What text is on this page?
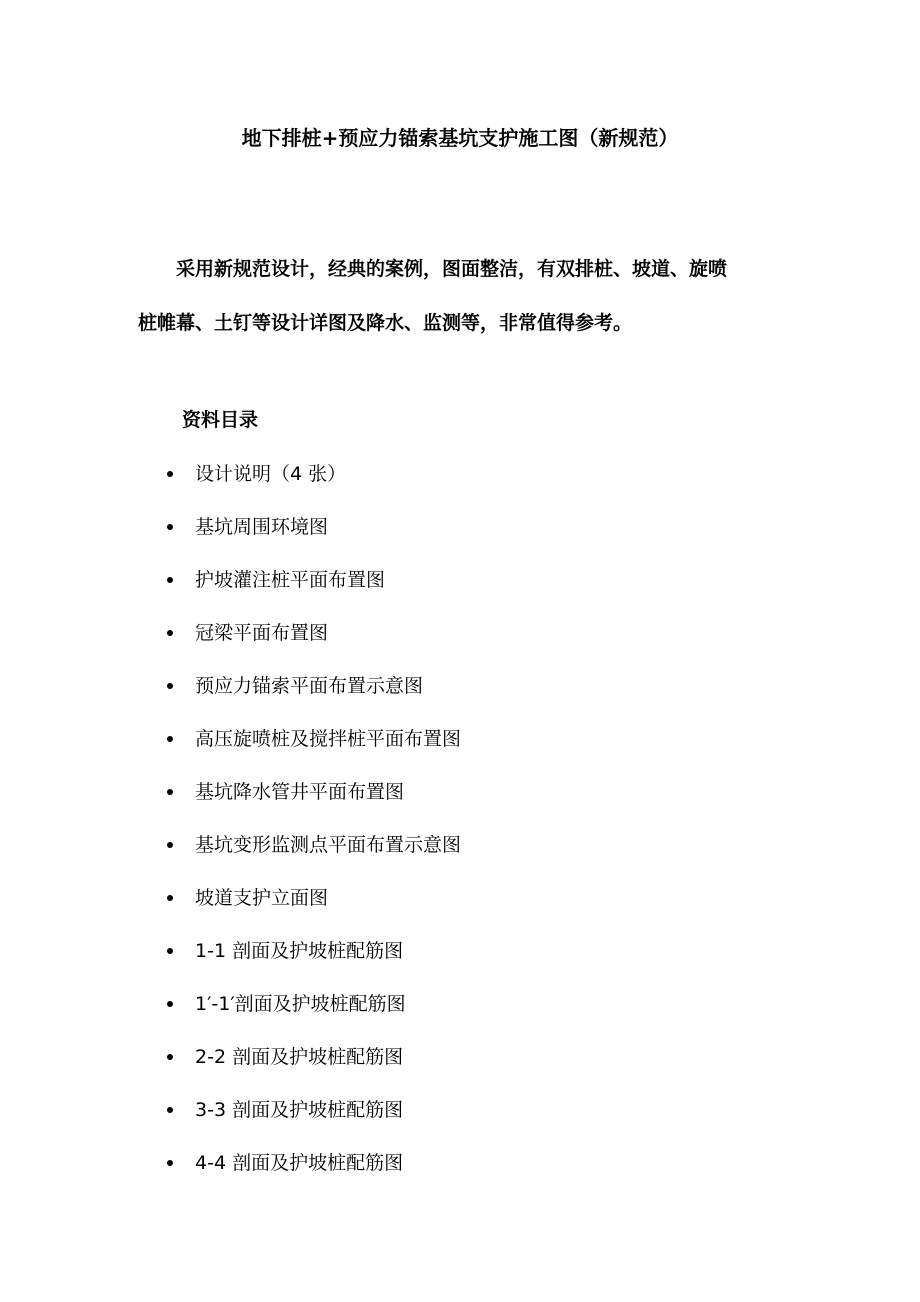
地下排桩+预应力锚索基坑支护施工图（新规范）
采用新规范设计，经典的案例，图面整洁，有双排桩、坡道、旋喷
桩帷幕、土钉等设计详图及降水、监测等，非常值得参考。
资料目录
设计说明（4 张）
基坑周围环境图
护坡灌注桩平面布置图
冠梁平面布置图
预应力锚索平面布置示意图
高压旋喷桩及搅拌桩平面布置图
基坑降水管井平面布置图
基坑变形监测点平面布置示意图
坡道支护立面图
1-1 剖面及护坡桩配筋图
1′-1′剖面及护坡桩配筋图
2-2 剖面及护坡桩配筋图
3-3 剖面及护坡桩配筋图
4-4 剖面及护坡桩配筋图
